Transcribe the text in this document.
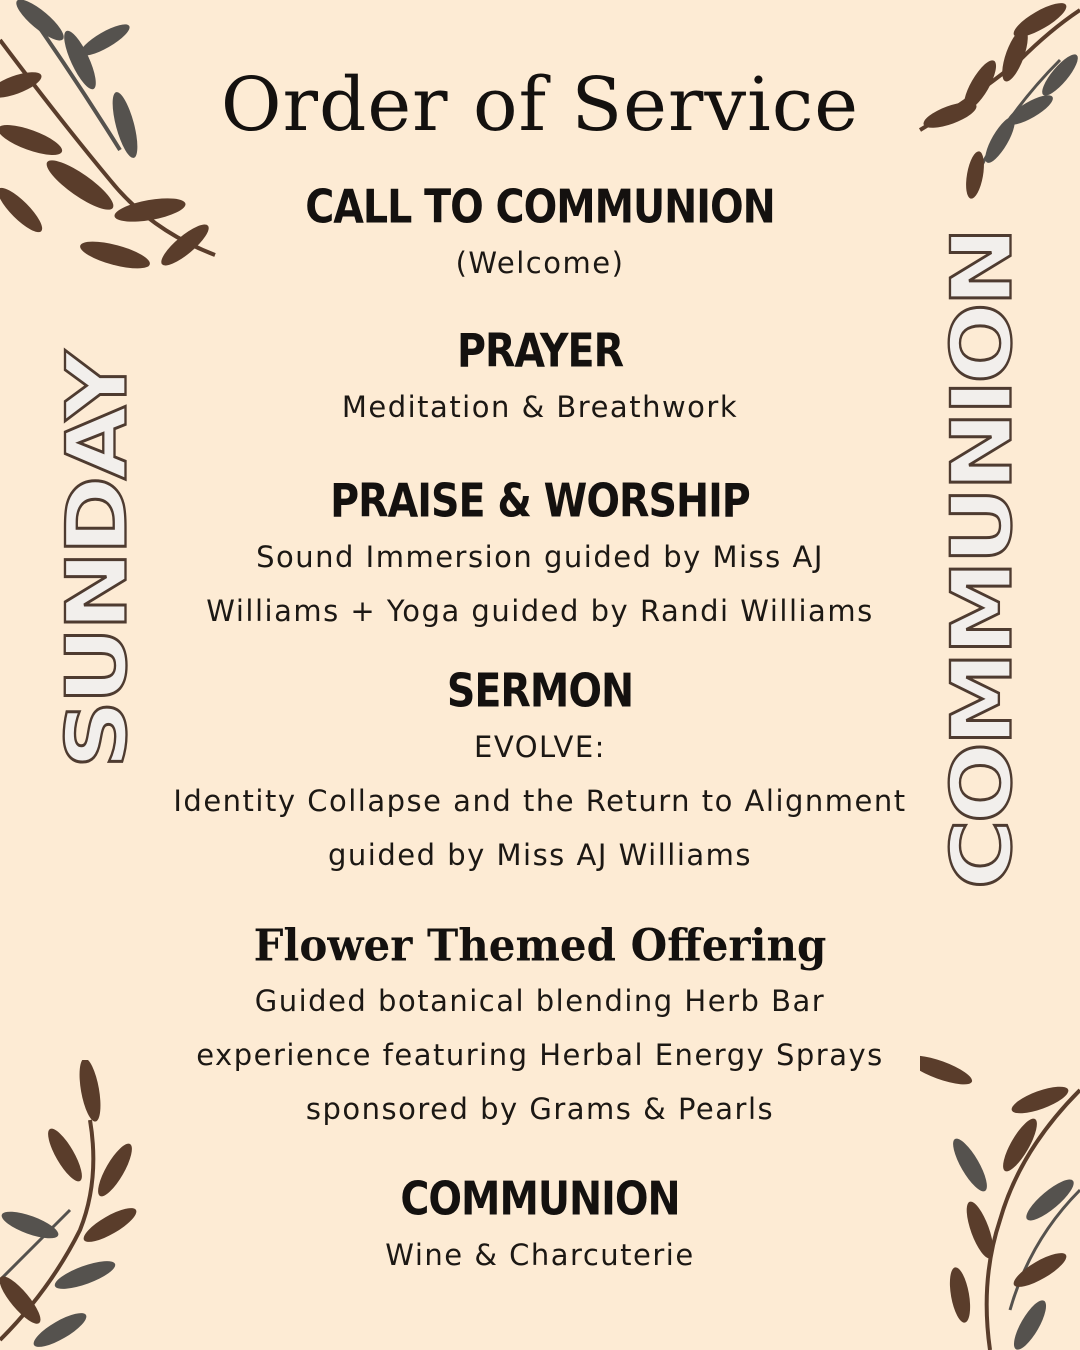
Order of Service
SUNDAY	COMMUNION

CALL TO COMMUNION

(Welcome)

PRAYER

Meditation & Breathwork

PRAISE & WORSHIP

Sound Immersion guided by Miss AJ

Williams + Yoga guided by Randi Williams

SERMON

EVOLVE:

Identity Collapse and the Return to Alignment

guided by Miss AJ Williams

Flower Themed Offering

Guided botanical blending Herb Bar

experience featuring Herbal Energy Sprays

sponsored by Grams & Pearls

COMMUNION

Wine & Charcuterie
